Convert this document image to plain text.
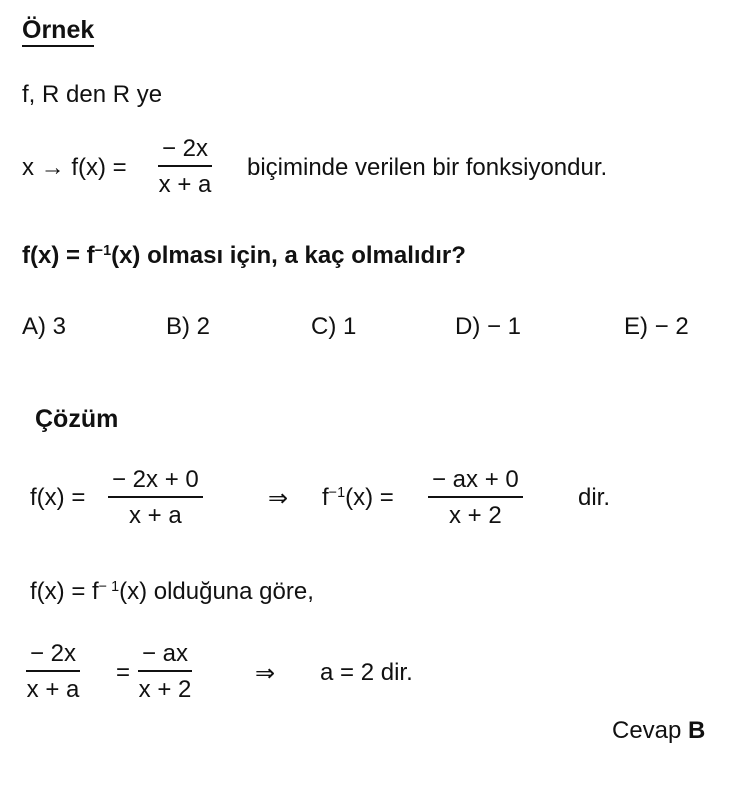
Örnek
f, R den R ye
$x \to f(x) = \frac{- 2x}{x + a}$ biçiminde verilen bir fonksiyondur.
$f(x) = f^{-1}(x)$ olması için, a kaç olmalıdır?
A) 3	B) 2	C) 1	D) − 1	E) − 2
Çözüm
$f(x) = \frac{- 2x + 0}{x + a}$	⇒ $f^{-1}(x) = \frac{- ax + 0}{x + 2}$ dir.
$f(x) = f^{- 1}(x)$ olduğuna göre,
$\frac{- 2x}{x + a} = \frac{- ax}{x + 2}$	⇒ a = 2 dir.
Cevap B
